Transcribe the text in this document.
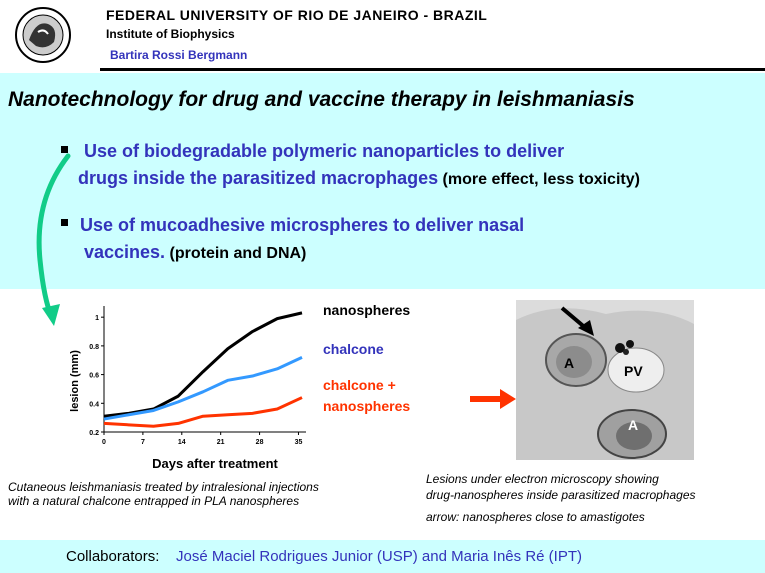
FEDERAL UNIVERSITY OF RIO DE JANEIRO - BRAZIL
Institute of Biophysics
Bartira Rossi Bergmann
Nanotechnology for drug and vaccine therapy in leishmaniasis
Use of biodegradable polymeric nanoparticles to deliver
drugs inside the parasitized macrophages (more effect, less toxicity)
Use of mucoadhesive microspheres to deliver nasal
vaccines. (protein and DNA)
0.2
0.4
0.6
0.8
1
0	7	14	21	28	35
Days after treatment
lesion (mm)
nanospheres
chalcone
chalcone +
nanospheres
A	PV
A
Cutaneous leishmaniasis treated by intralesional injections
with a natural chalcone entrapped in PLA nanospheres
Lesions under electron microscopy showing
drug-nanospheres inside parasitized macrophages
arrow: nanospheres close to amastigotes
Collaborators: José Maciel Rodrigues Junior (USP) and Maria Inês Ré (IPT)
